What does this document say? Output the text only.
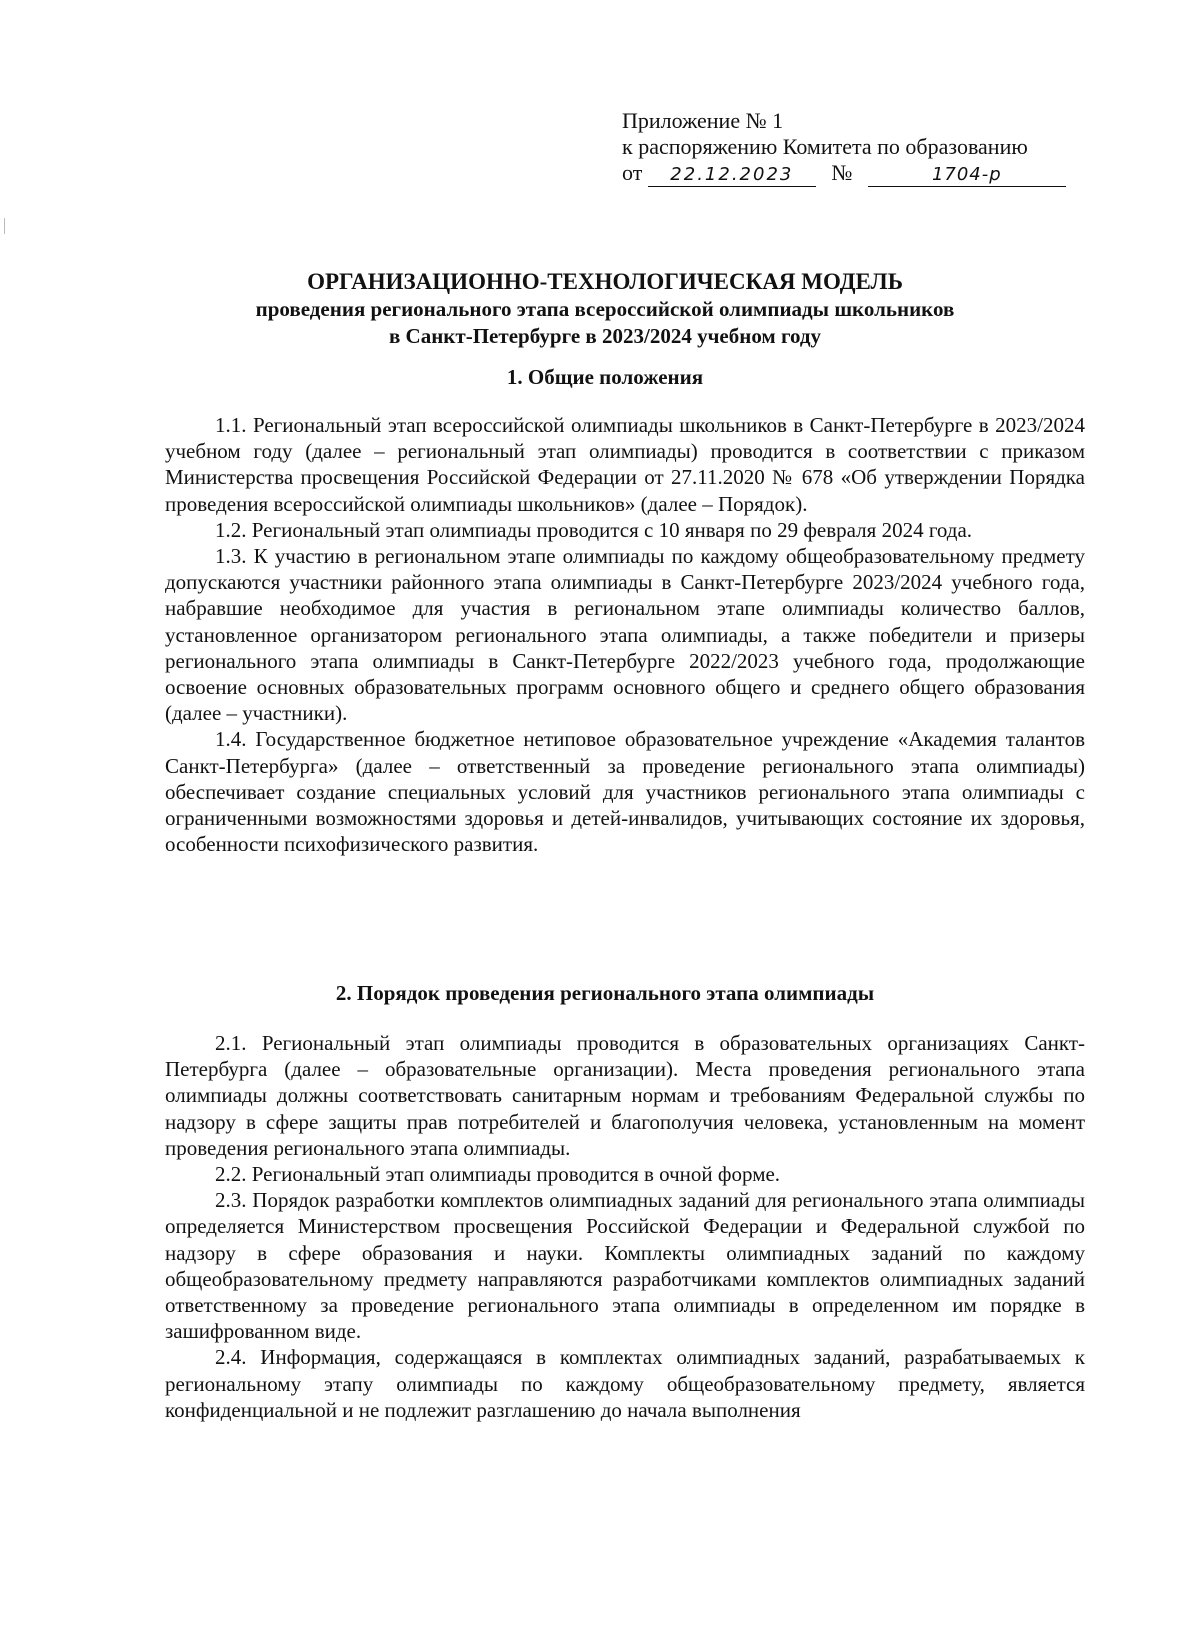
Приложение № 1
к распоряжению Комитета по образованию
от 22.12.2023 №	1704-р
ОРГАНИЗАЦИОННО-ТЕХНОЛОГИЧЕСКАЯ МОДЕЛЬ
проведения регионального этапа всероссийской олимпиады школьников
в Санкт-Петербурге в 2023/2024 учебном году
1. Общие положения

1.1. Региональный этап всероссийской олимпиады школьников в Санкт-Петербурге в 2023/2024 учебном году (далее – региональный этап олимпиады) проводится в соответствии с приказом Министерства просвещения Российской Федерации от 27.11.2020 № 678 «Об утверждении Порядка проведения всероссийской олимпиады школьников» (далее – Порядок).

1.2. Региональный этап олимпиады проводится с 10 января по 29 февраля 2024 года.

1.3. К участию в региональном этапе олимпиады по каждому общеобразовательному предмету допускаются участники районного этапа олимпиады в Санкт-Петербурге 2023/2024 учебного года, набравшие необходимое для участия в региональном этапе олимпиады количество баллов, установленное организатором регионального этапа олимпиады, а также победители и призеры регионального этапа олимпиады в Санкт-Петербурге 2022/2023 учебного года, продолжающие освоение основных образовательных программ основного общего и среднего общего образования (далее – участники).

1.4. Государственное бюджетное нетиповое образовательное учреждение «Академия талантов Санкт-Петербурга» (далее – ответственный за проведение регионального этапа олимпиады) обеспечивает создание специальных условий для участников регионального этапа олимпиады с ограниченными возможностями здоровья и детей-инвалидов, учитывающих состояние их здоровья, особенности психофизического развития.

2. Порядок проведения регионального этапа олимпиады

2.1. Региональный этап олимпиады проводится в образовательных организациях Санкт-Петербурга (далее – образовательные организации). Места проведения регионального этапа олимпиады должны соответствовать санитарным нормам и требованиям Федеральной службы по надзору в сфере защиты прав потребителей и благополучия человека, установленным на момент проведения регионального этапа олимпиады.

2.2. Региональный этап олимпиады проводится в очной форме.

2.3. Порядок разработки комплектов олимпиадных заданий для регионального этапа олимпиады определяется Министерством просвещения Российской Федерации и Федеральной службой по надзору в сфере образования и науки. Комплекты олимпиадных заданий по каждому общеобразовательному предмету направляются разработчиками комплектов олимпиадных заданий ответственному за проведение регионального этапа олимпиады в определенном им порядке в зашифрованном виде.

2.4. Информация, содержащаяся в комплектах олимпиадных заданий, разрабатываемых к региональному этапу олимпиады по каждому общеобразовательному предмету, является конфиденциальной и не подлежит разглашению до начала выполнения
